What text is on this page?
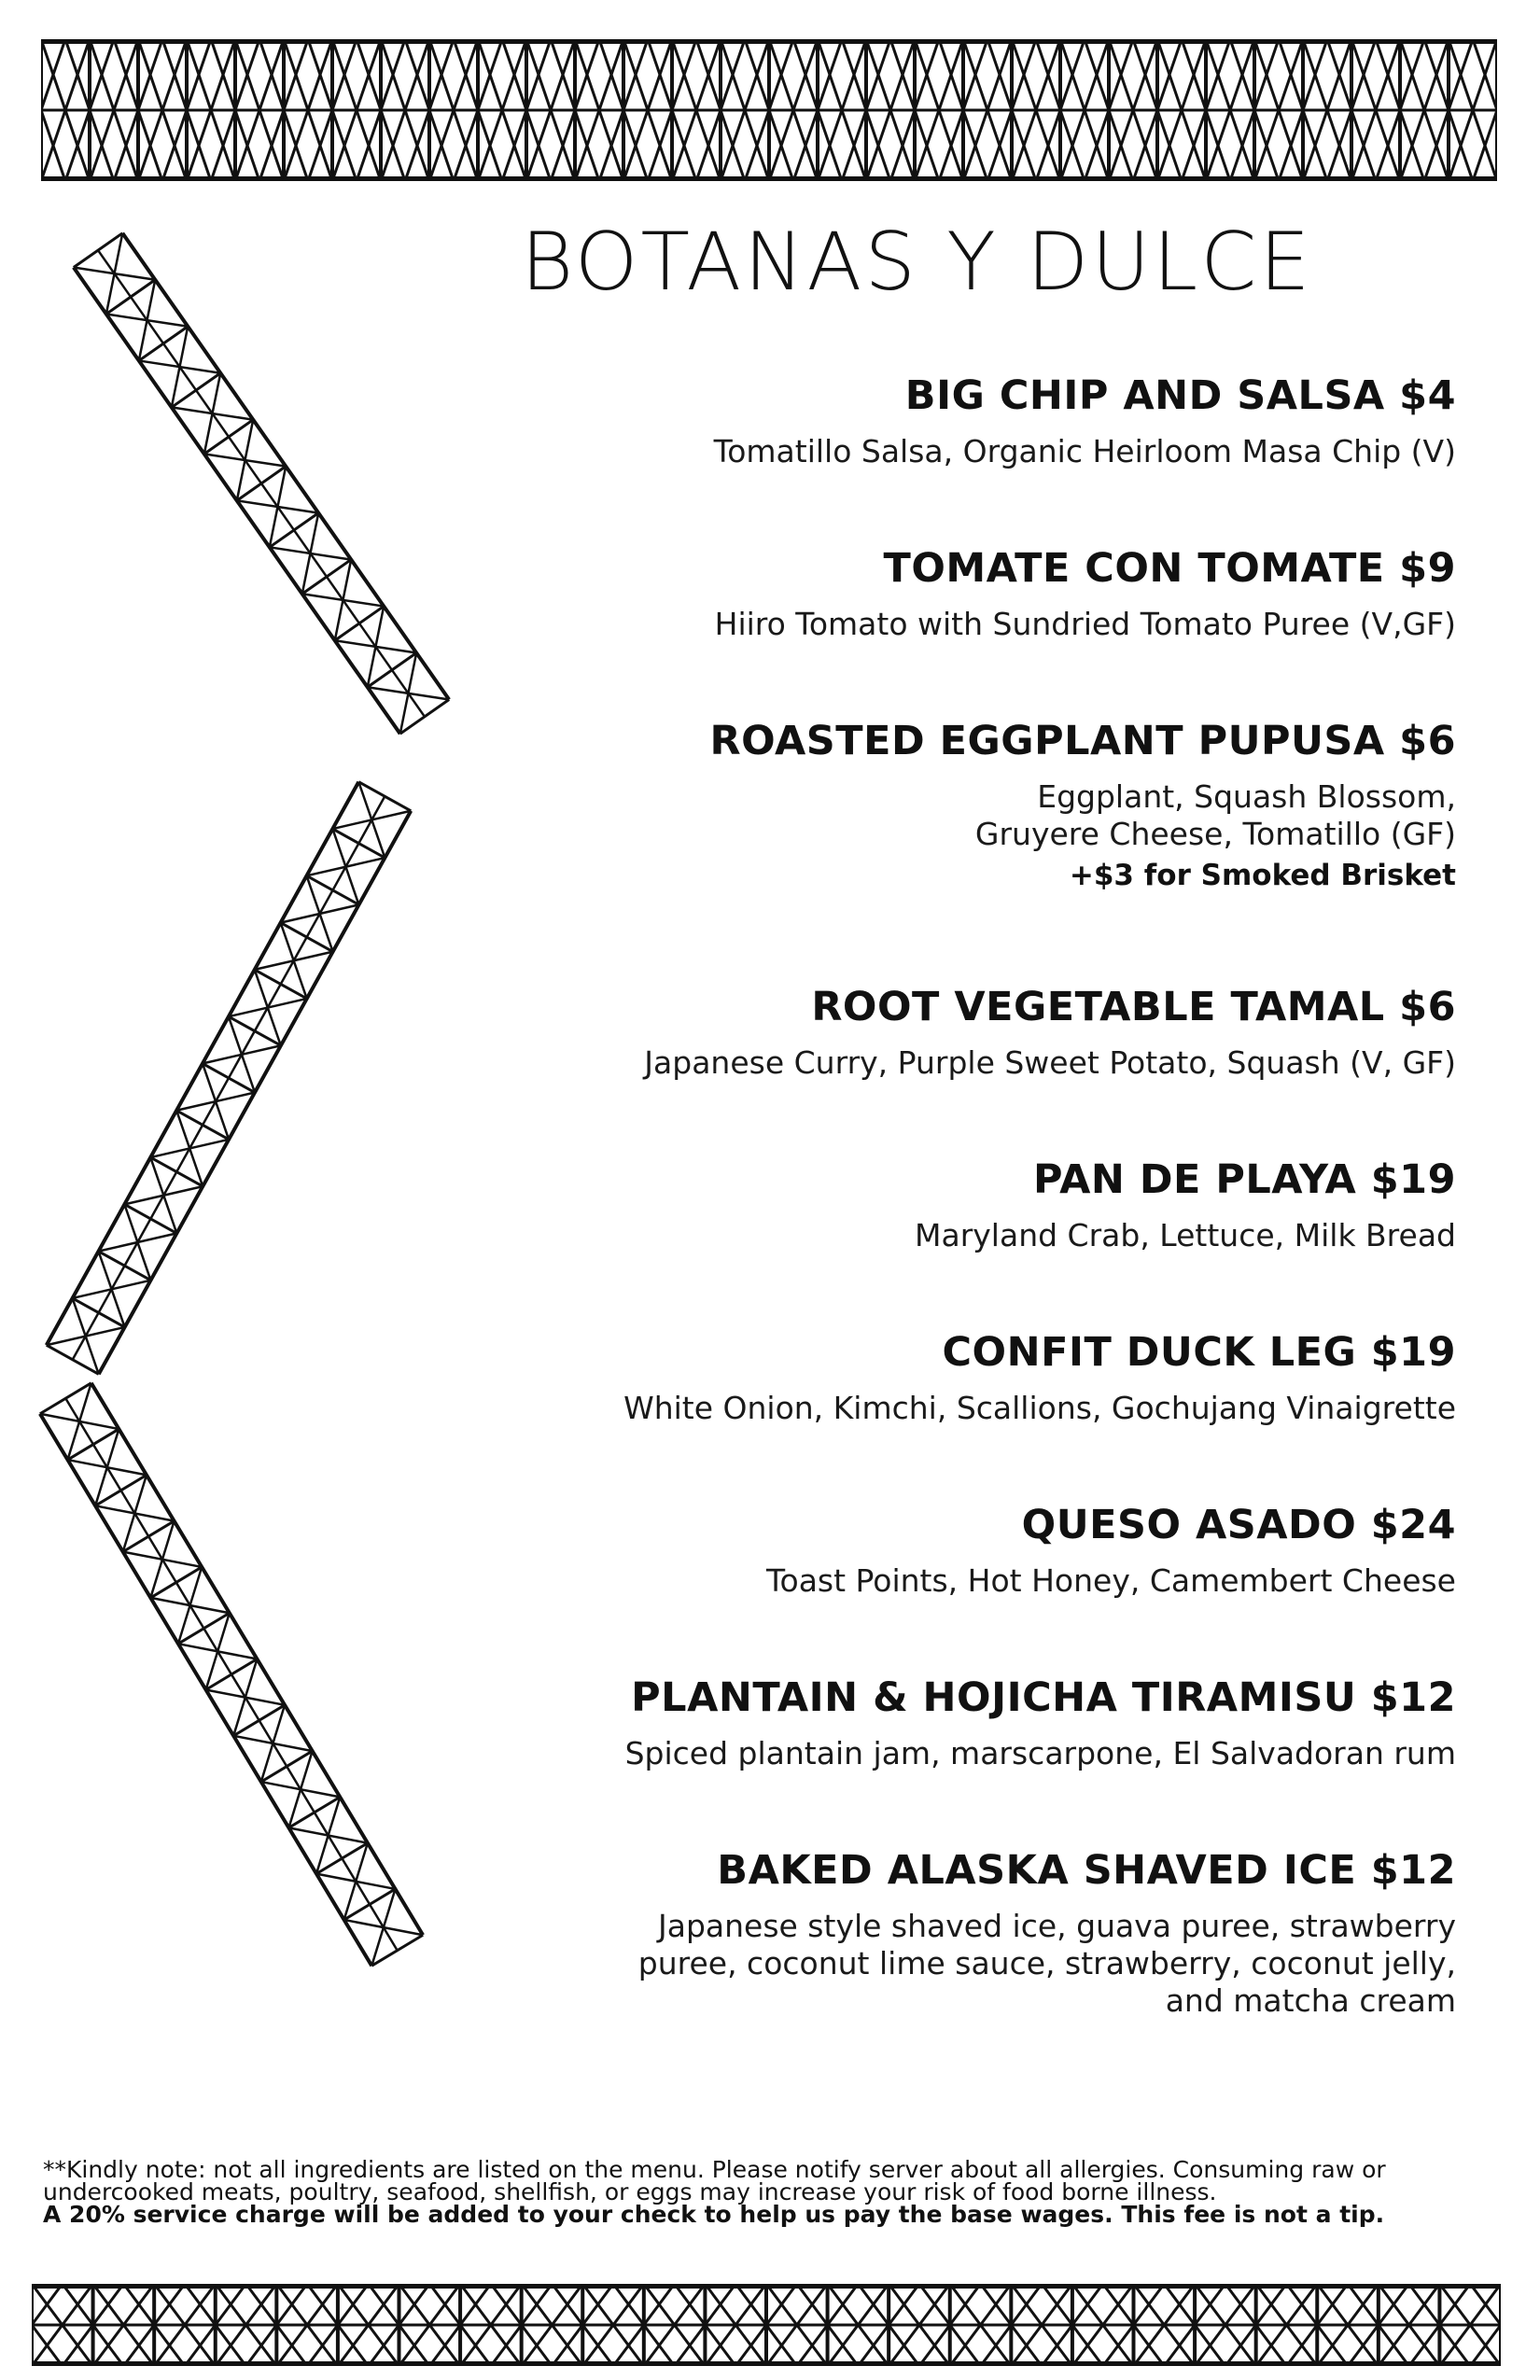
BOTANAS Y DULCE

BIG CHIP AND SALSA $4

Tomatillo Salsa, Organic Heirloom Masa Chip (V)

TOMATE CON TOMATE $9

Hiiro Tomato with Sundried Tomato Puree (V,GF)

ROASTED EGGPLANT PUPUSA $6

Eggplant, Squash Blossom,
Gruyere Cheese, Tomatillo (GF)

+$3 for Smoked Brisket

ROOT VEGETABLE TAMAL $6

Japanese Curry, Purple Sweet Potato, Squash (V, GF)

PAN DE PLAYA $19

Maryland Crab, Lettuce, Milk Bread

CONFIT DUCK LEG $19

White Onion, Kimchi, Scallions, Gochujang Vinaigrette

QUESO ASADO $24

Toast Points, Hot Honey, Camembert Cheese

PLANTAIN & HOJICHA TIRAMISU $12

Spiced plantain jam, marscarpone, El Salvadoran rum

BAKED ALASKA SHAVED ICE $12

Japanese style shaved ice, guava puree, strawberry
puree, coconut lime sauce, strawberry, coconut jelly,
and matcha cream

**Kindly note: not all ingredients are listed on the menu. Please notify server about all allergies. Consuming raw or undercooked meats, poultry, seafood, shellfish, or eggs may increase your risk of food borne illness.

A 20% service charge will be added to your check to help us pay the base wages. This fee is not a tip.
